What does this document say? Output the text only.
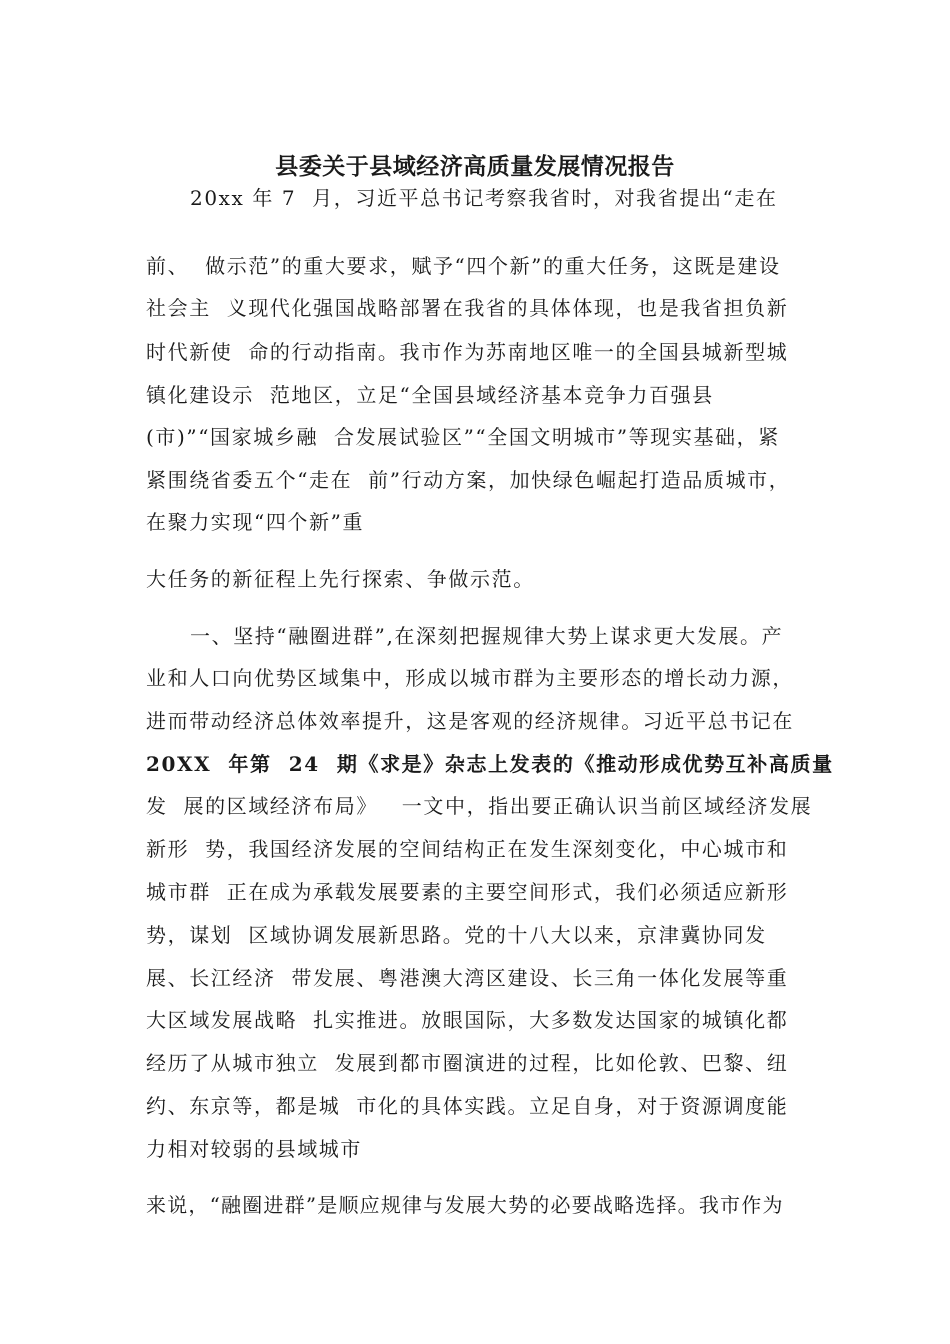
县委关于县域经济高质量发展情况报告

20xx 年 7  月，习近平总书记考察我省时，对我省提出“走在

前、  做示范”的重大要求，赋予“四个新”的重大任务，这既是建设

社会主  义现代化强国战略部署在我省的具体体现，也是我省担负新

时代新使  命的行动指南。我市作为苏南地区唯一的全国县城新型城

镇化建设示  范地区，立足“全国县域经济基本竞争力百强县

(市)”“国家城乡融  合发展试验区”“全国文明城市”等现实基础，紧

紧围绕省委五个“走在  前”行动方案，加快绿色崛起打造品质城市，

在聚力实现“四个新”重

大任务的新征程上先行探索、争做示范。

一、坚持“融圈进群”,在深刻把握规律大势上谋求更大发展。产

业和人口向优势区域集中，形成以城市群为主要形态的增长动力源，

进而带动经济总体效率提升，这是客观的经济规律。习近平总书记在

20XX  年第  24  期《求是》杂志上发表的《推动形成优势互补高质量

发  展的区域经济布局》   一文中，指出要正确认识当前区域经济发展

新形  势，我国经济发展的空间结构正在发生深刻变化，中心城市和

城市群  正在成为承载发展要素的主要空间形式，我们必须适应新形

势，谋划  区域协调发展新思路。党的十八大以来，京津冀协同发

展、长江经济  带发展、粤港澳大湾区建设、长三角一体化发展等重

大区域发展战略  扎实推进。放眼国际，大多数发达国家的城镇化都

经历了从城市独立  发展到都市圈演进的过程，比如伦敦、巴黎、纽

约、东京等，都是城  市化的具体实践。立足自身，对于资源调度能

力相对较弱的县域城市

来说，“融圈进群”是顺应规律与发展大势的必要战略选择。我市作为
